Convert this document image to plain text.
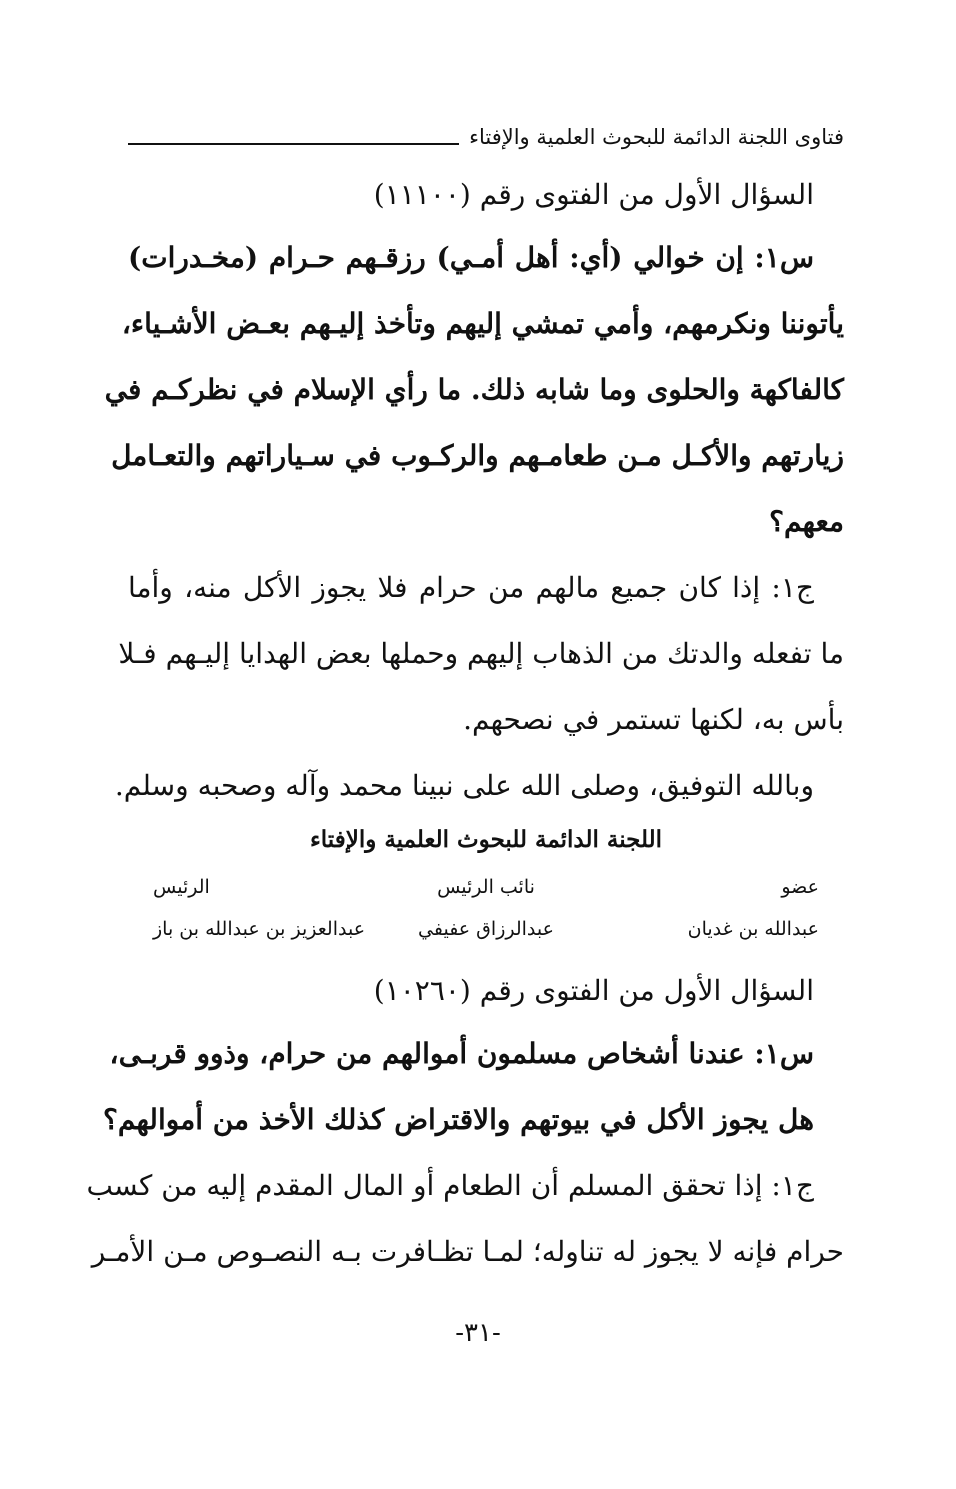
فتاوى اللجنة الدائمة للبحوث العلمية والإفتاء
السؤال الأول من الفتوى رقم (١١١٠٠)
س١: إن خوالي (أي: أهل أمـي) رزقـهم حـرام (مخـدرات)
يأتوننا ونكرمهم، وأمي تمشي إليهم وتأخذ إليـهم بعـض الأشـياء،
كالفاكهة والحلوى وما شابه ذلك. ما رأي الإسلام في نظركـم في
زيارتهم والأكـل مـن طعامـهم والركـوب في سـياراتهم والتعـامل
معهم؟
ج١: إذا كان جميع مالهم من حرام فلا يجوز الأكل منه، وأما
ما تفعله والدتك من الذهاب إليهم وحملها بعض الهدايا إليـهم فـلا
بأس به، لكنها تستمر في نصحهم.
وبالله التوفيق، وصلى الله على نبينا محمد وآله وصحبه وسلم.
اللجنة الدائمة للبحوث العلمية والإفتاء
عضو
نائب الرئيس
الرئيس
عبدالله بن غديان
عبدالرزاق عفيفي
عبدالعزيز بن عبدالله بن باز
السؤال الأول من الفتوى رقم (١٠٢٦٠)
س١: عندنا أشخاص مسلمون أموالهم من حرام، وذوو قربـى،
هل يجوز الأكل في بيوتهم والاقتراض كذلك الأخذ من أموالهم؟
ج١: إذا تحقق المسلم أن الطعام أو المال المقدم إليه من كسب
حرام فإنه لا يجوز له تناوله؛ لمـا تظـافرت بـه النصـوص مـن الأمـر
-٣١-
